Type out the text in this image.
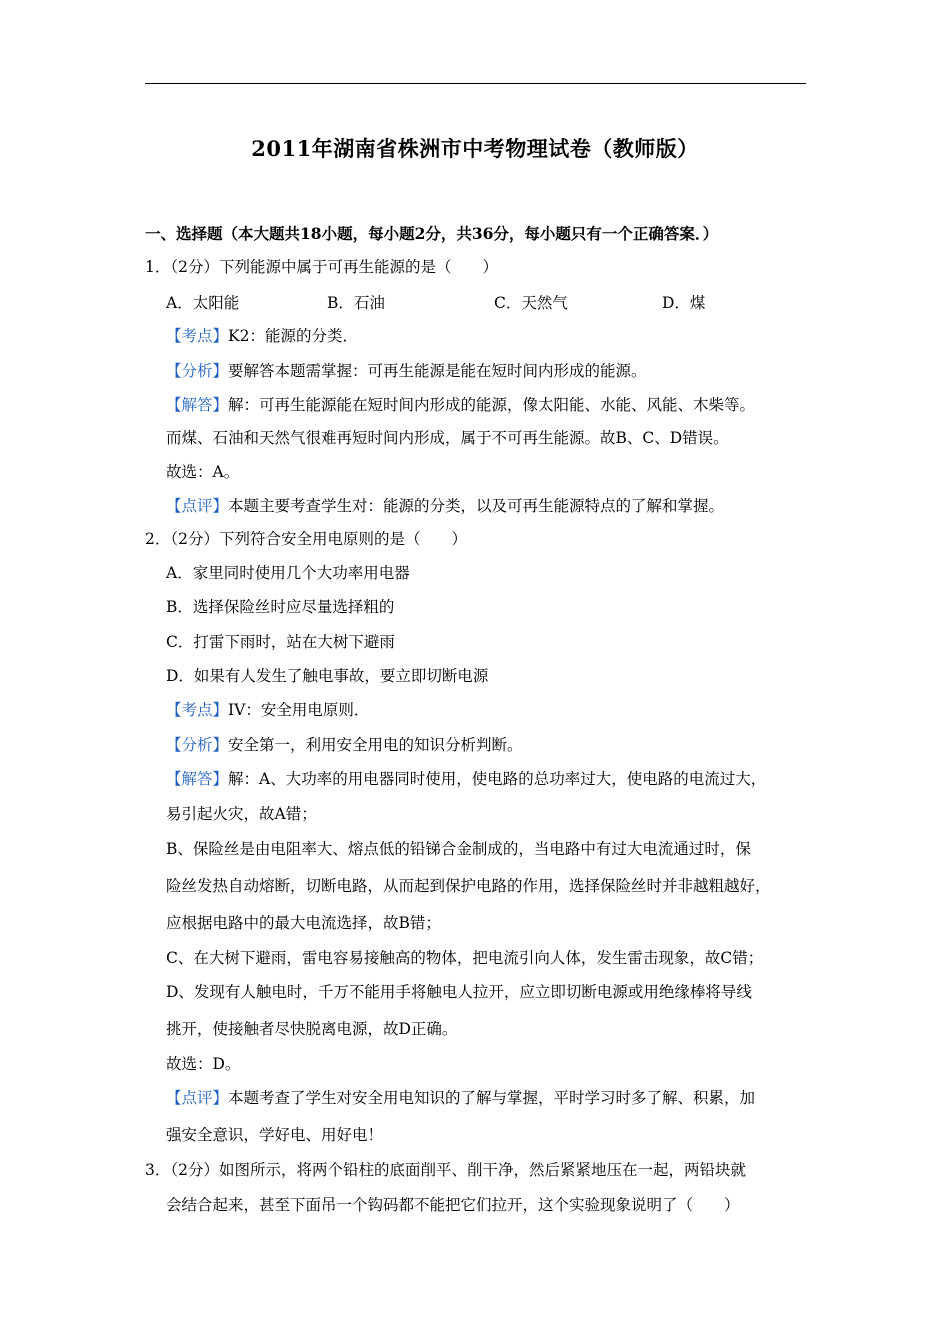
2011年湖南省株洲市中考物理试卷（教师版）
一、选择题（本大题共18小题，每小题2分，共36分，每小题只有一个正确答案．）
1．（2分）下列能源中属于可再生能源的是（　　）
A．太阳能	B．石油	C．天然气	D．煤
【考点】K2：能源的分类．
【分析】要解答本题需掌握：可再生能源是能在短时间内形成的能源。
【解答】解：可再生能源能在短时间内形成的能源，像太阳能、水能、风能、木柴等。
而煤、石油和天然气很难再短时间内形成，属于不可再生能源。故B、C、D错误。
故选：A。
【点评】本题主要考查学生对：能源的分类，以及可再生能源特点的了解和掌握。
2．（2分）下列符合安全用电原则的是（　　）
A．家里同时使用几个大功率用电器
B．选择保险丝时应尽量选择粗的
C．打雷下雨时，站在大树下避雨
D．如果有人发生了触电事故，要立即切断电源
【考点】IV：安全用电原则．
【分析】安全第一，利用安全用电的知识分析判断。
【解答】解：A、大功率的用电器同时使用，使电路的总功率过大，使电路的电流过大，
易引起火灾，故A错；
B、保险丝是由电阻率大、熔点低的铅锑合金制成的，当电路中有过大电流通过时，保
险丝发热自动熔断，切断电路，从而起到保护电路的作用，选择保险丝时并非越粗越好，
应根据电路中的最大电流选择，故B错；
C、在大树下避雨，雷电容易接触高的物体，把电流引向人体，发生雷击现象，故C错；
D、发现有人触电时，千万不能用手将触电人拉开，应立即切断电源或用绝缘棒将导线
挑开，使接触者尽快脱离电源，故D正确。
故选：D。
【点评】本题考查了学生对安全用电知识的了解与掌握，平时学习时多了解、积累，加
强安全意识，学好电、用好电！
3．（2分）如图所示，将两个铅柱的底面削平、削干净，然后紧紧地压在一起，两铅块就
会结合起来，甚至下面吊一个钩码都不能把它们拉开，这个实验现象说明了（　　）
